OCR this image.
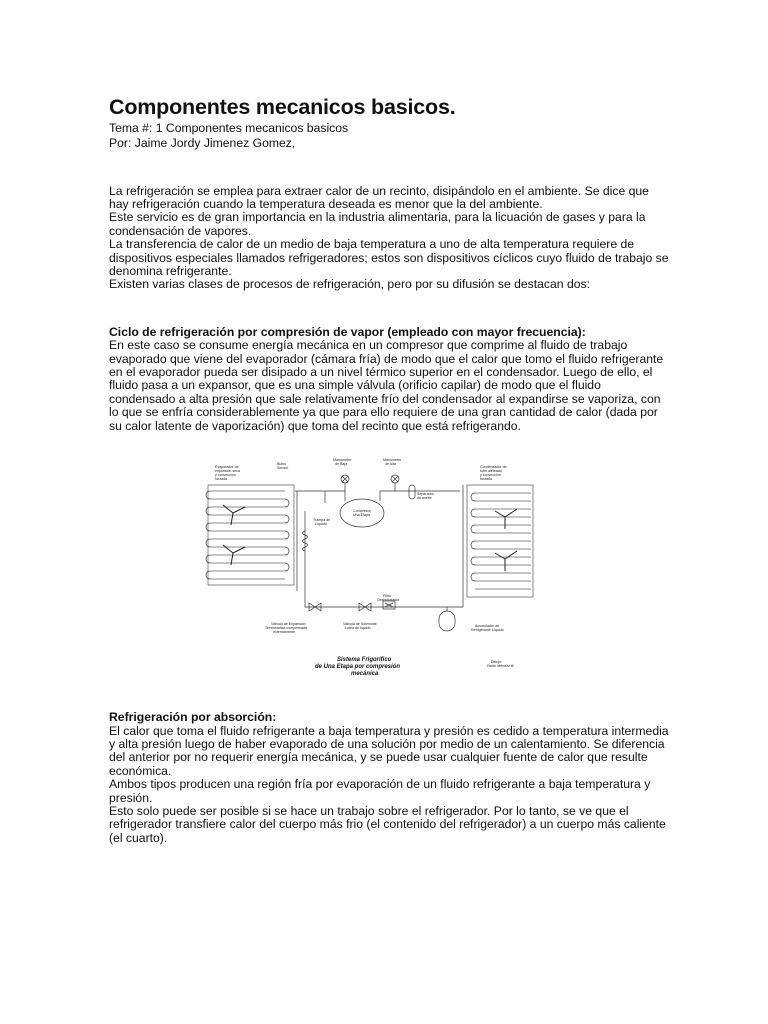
Componentes mecanicos basicos.

Tema #: 1 Componentes mecanicos basicos

Por: Jaime Jordy Jimenez Gomez,

La refrigeración se emplea para extraer calor de un recinto, disipándolo en el ambiente. Se dice que hay refrigeración cuando la temperatura deseada es menor que la del ambiente.

Este servicio es de gran importancia en la industria alimentaria, para la licuación de gases y para la condensación de vapores.

La transferencia de calor de un medio de baja temperatura a uno de alta temperatura requiere de dispositivos especiales llamados refrigeradores; estos son dispositivos cíclicos cuyo fluido de trabajo se denomina refrigerante.

Existen varias clases de procesos de refrigeración, pero por su difusión se destacan dos:

Ciclo de refrigeración por compresión de vapor (empleado con mayor frecuencia):

En este caso se consume energía mecánica en un compresor que comprime al fluido de trabajo evaporado que viene del evaporador (cámara fría) de modo que el calor que tomo el fluido refrigerante en el evaporador pueda ser disipado a un nivel térmico superior en el condensador. Luego de ello, el fluido pasa a un expansor, que es una simple válvula (orificio capilar) de modo que el fluido condensado a alta presión que sale relativamente frío del condensador al expandirse se vaporiza, con lo que se enfría considerablemente ya que para ello requiere de una gran cantidad de calor (dada por su calor latente de vaporización) que toma del recinto que está refrigerando.

Evaporador de
expansión seca
y convección
forzada
Bulbo
Sensor
Manómetro
de Baja
Manómetro
de Alta
Condensador de
tubo aleteado
y convección
forzada
Trampa de
Líquido
Compresor
Una Etapa
Separador
de aceite
Filtro
Deshidratador
Válvula de Expansión
Termostatica compensada
externamente
Válvula de Solenoide
Línea de líquido	Acumulador de
Refrigerante Líquido
Sistema Frigorífico
de Una Etapa por compresión
mecánica
Dibujo:
Pablo Méndez B.

Refrigeración por absorción:

El calor que toma el fluido refrigerante a baja temperatura y presión es cedido a temperatura intermedia y alta presión luego de haber evaporado de una solución por medio de un calentamiento. Se diferencia del anterior por no requerir energía mecánica, y se puede usar cualquier fuente de calor que resulte económica.

Ambos tipos producen una región fría por evaporación de un fluido refrigerante a baja temperatura y presión.

Esto solo puede ser posible si se hace un trabajo sobre el refrigerador. Por lo tanto, se ve que el refrigerador transfiere calor del cuerpo más frio (el contenido del refrigerador) a un cuerpo más caliente (el cuarto).
